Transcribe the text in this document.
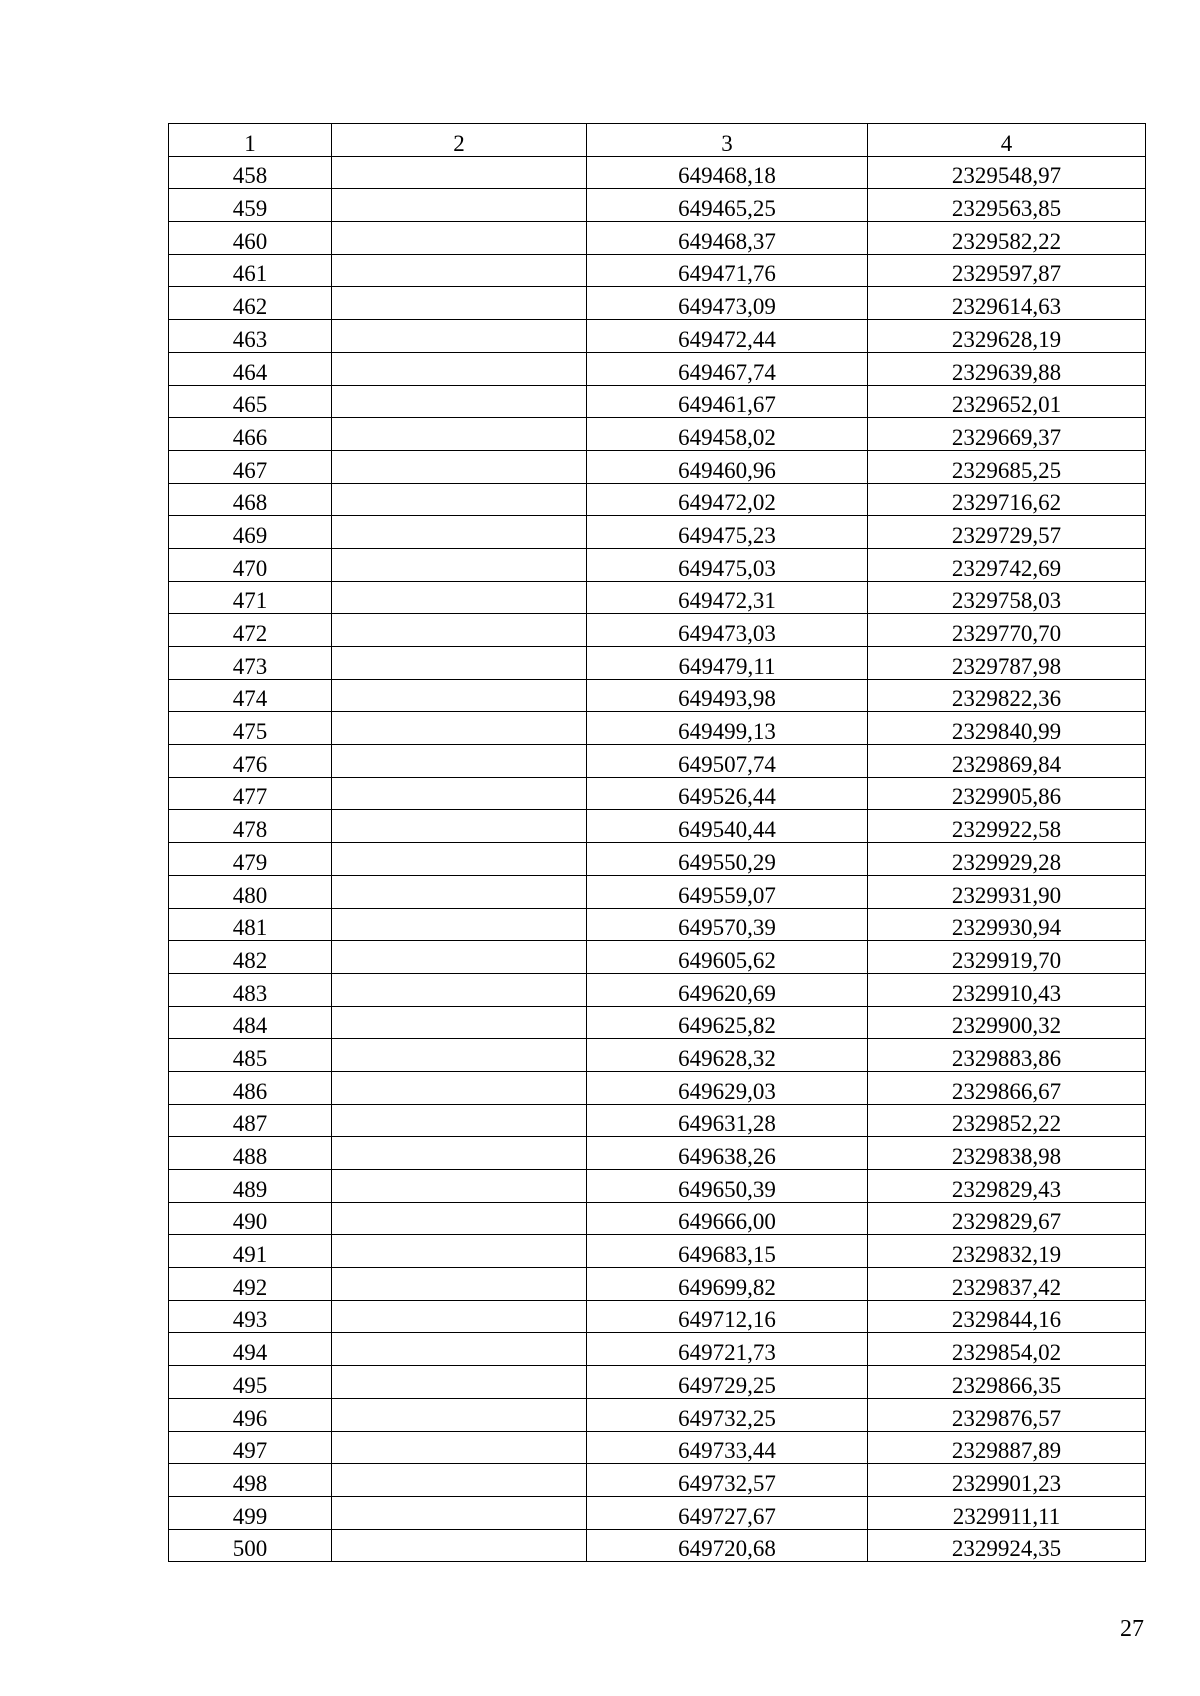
1	2	3	4
458		649468,18	2329548,97
459		649465,25	2329563,85
460		649468,37	2329582,22
461		649471,76	2329597,87
462		649473,09	2329614,63
463		649472,44	2329628,19
464		649467,74	2329639,88
465		649461,67	2329652,01
466		649458,02	2329669,37
467		649460,96	2329685,25
468		649472,02	2329716,62
469		649475,23	2329729,57
470		649475,03	2329742,69
471		649472,31	2329758,03
472		649473,03	2329770,70
473		649479,11	2329787,98
474		649493,98	2329822,36
475		649499,13	2329840,99
476		649507,74	2329869,84
477		649526,44	2329905,86
478		649540,44	2329922,58
479		649550,29	2329929,28
480		649559,07	2329931,90
481		649570,39	2329930,94
482		649605,62	2329919,70
483		649620,69	2329910,43
484		649625,82	2329900,32
485		649628,32	2329883,86
486		649629,03	2329866,67
487		649631,28	2329852,22
488		649638,26	2329838,98
489		649650,39	2329829,43
490		649666,00	2329829,67
491		649683,15	2329832,19
492		649699,82	2329837,42
493		649712,16	2329844,16
494		649721,73	2329854,02
495		649729,25	2329866,35
496		649732,25	2329876,57
497		649733,44	2329887,89
498		649732,57	2329901,23
499		649727,67	2329911,11
500		649720,68	2329924,35
27
